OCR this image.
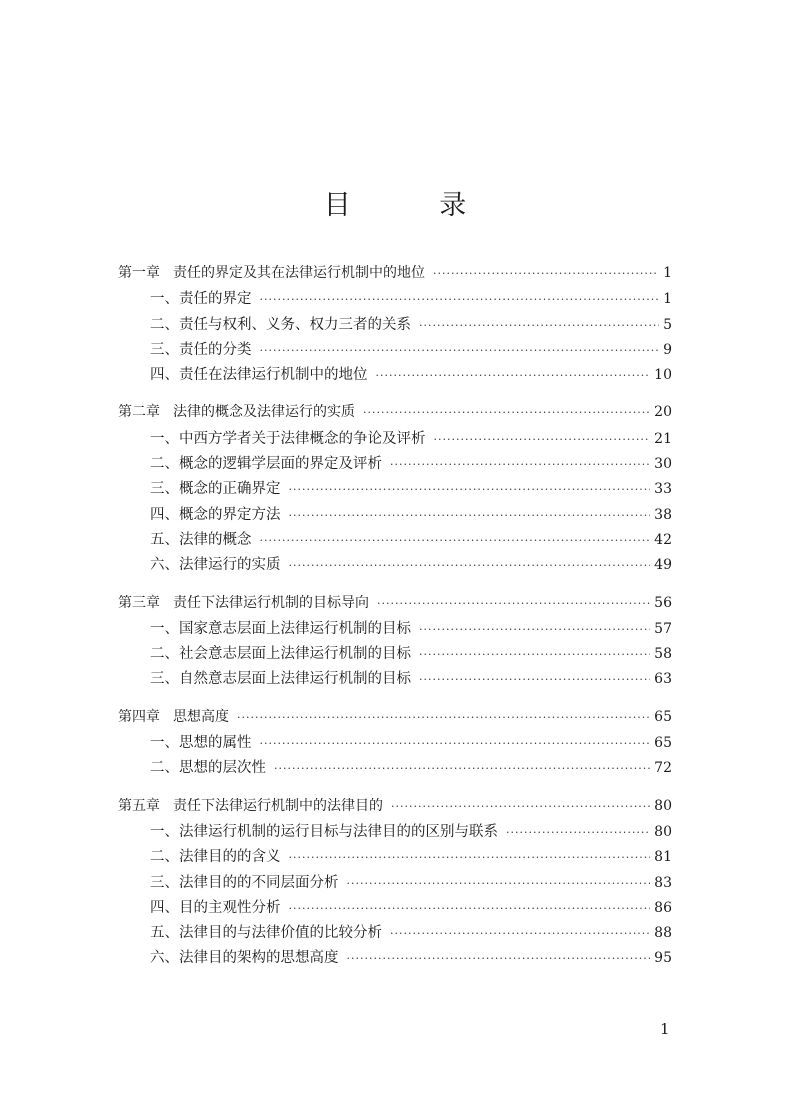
目 录
第一章 责任的界定及其在法律运行机制中的地位 ·····	1
一、责任的界定 ·····	1
二、责任与权利、义务、权力三者的关系 ·····	5
三、责任的分类 ·····	9
四、责任在法律运行机制中的地位 ·····	10
第二章 法律的概念及法律运行的实质 ·····	20
一、中西方学者关于法律概念的争论及评析 ·····	21
二、概念的逻辑学层面的界定及评析 ·····	30
三、概念的正确界定 ·····	33
四、概念的界定方法 ·····	38
五、法律的概念 ·····	42
六、法律运行的实质 ·····	49
第三章 责任下法律运行机制的目标导向 ·····	56
一、国家意志层面上法律运行机制的目标 ·····	57
二、社会意志层面上法律运行机制的目标 ·····	58
三、自然意志层面上法律运行机制的目标 ·····	63
第四章 思想高度 ·····	65
一、思想的属性 ·····	65
二、思想的层次性 ·····	72
第五章 责任下法律运行机制中的法律目的 ·····	80
一、法律运行机制的运行目标与法律目的的区别与联系 ·····	80
二、法律目的的含义 ·····	81
三、法律目的的不同层面分析 ·····	83
四、目的主观性分析 ·····	86
五、法律目的与法律价值的比较分析 ·····	88
六、法律目的架构的思想高度 ·····	95
1
